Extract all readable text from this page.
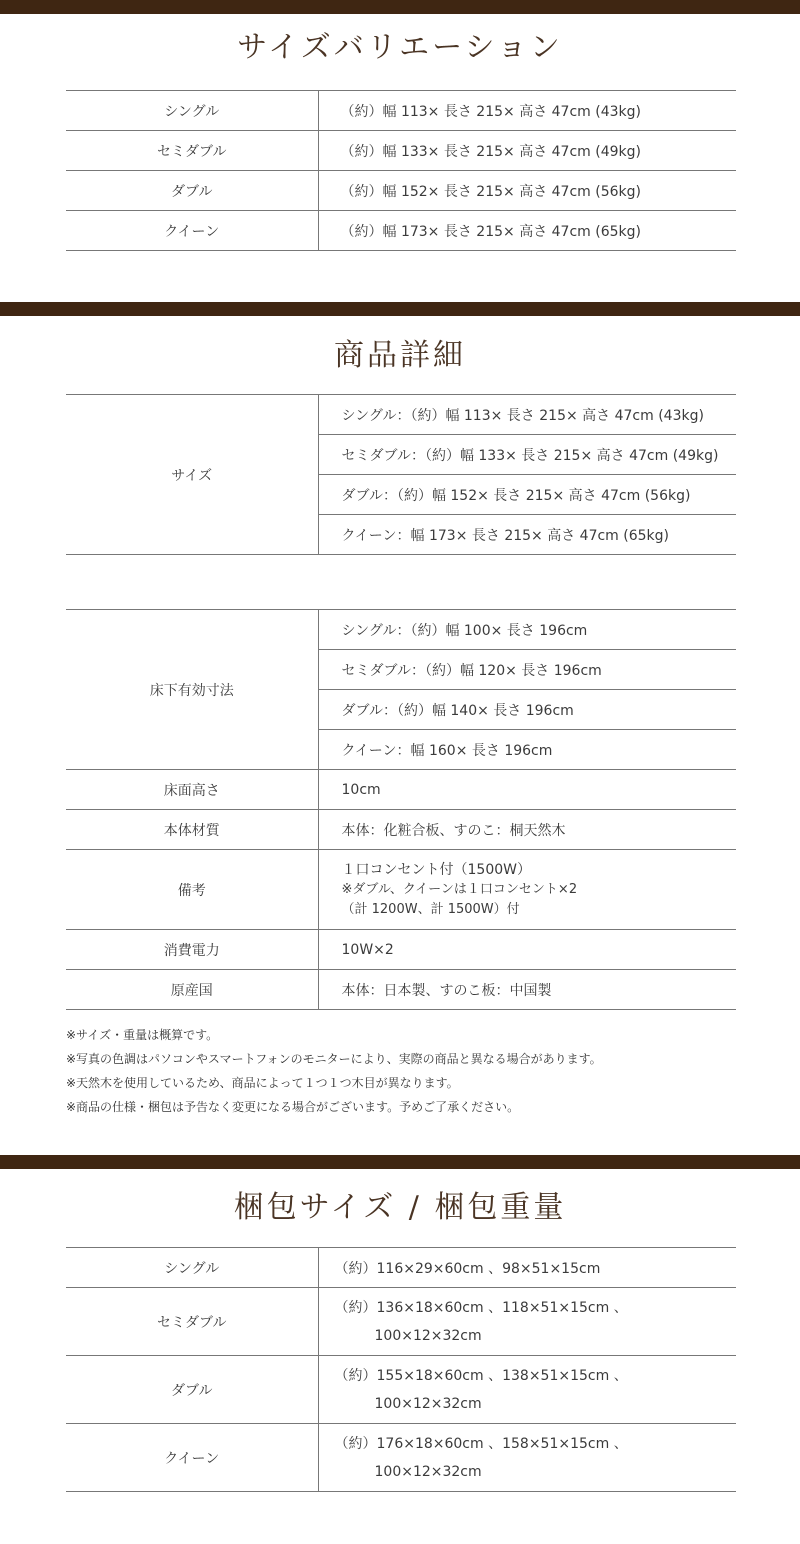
サイズバリエーション
シングル	（約）幅 113× 長さ 215× 高さ 47cm (43kg)
セミダブル	（約）幅 133× 長さ 215× 高さ 47cm (49kg)
ダブル	（約）幅 152× 長さ 215× 高さ 47cm (56kg)
クイーン	（約）幅 173× 長さ 215× 高さ 47cm (65kg)
商品詳細
サイズ	シングル：（約）幅 113× 長さ 215× 高さ 47cm (43kg)
セミダブル：（約）幅 133× 長さ 215× 高さ 47cm (49kg)
ダブル：（約）幅 152× 長さ 215× 高さ 47cm (56kg)
クイーン：幅 173× 長さ 215× 高さ 47cm (65kg)
床下有効寸法	シングル：（約）幅 100× 長さ 196cm
	セミダブル：（約）幅 120× 長さ 196cm
	ダブル：（約）幅 140× 長さ 196cm
	クイーン：幅 160× 長さ 196cm
床面高さ	10cm
本体材質	本体：化粧合板、すのこ：桐天然木
備考	１口コンセント付（1500W）
※ダブル、クイーンは１口コンセント×2
（計 1200W、計 1500W）付

消費電力	10W×2
原産国	本体：日本製、すのこ板：中国製
※サイズ・重量は概算です。
※写真の色調はパソコンやスマートフォンのモニターにより、実際の商品と異なる場合があります。
※天然木を使用しているため、商品によって１つ１つ木目が異なります。
※商品の仕様・梱包は予告なく変更になる場合がございます。予めご了承ください。
梱包サイズ / 梱包重量
シングル	（約）116×29×60cm 、98×51×15cm
セミダブル	（約）136×18×60cm 、118×51×15cm 、
100×12×32cm

ダブル	（約）155×18×60cm 、138×51×15cm 、
100×12×32cm

クイーン	（約）176×18×60cm 、158×51×15cm 、
100×12×32cm
